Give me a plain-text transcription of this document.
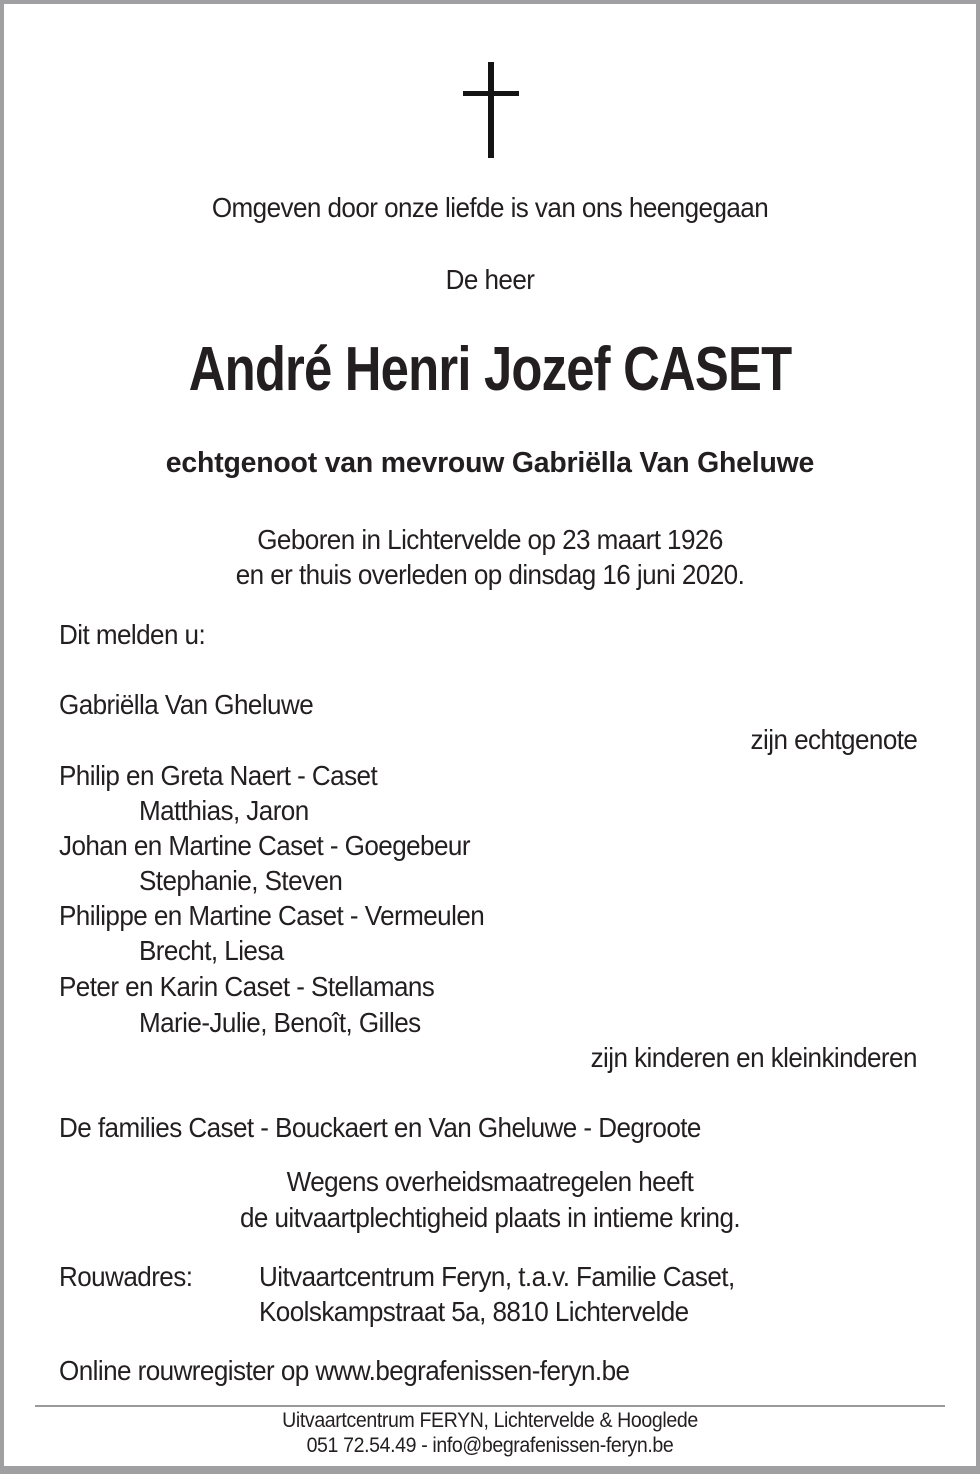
Omgeven door onze liefde is van ons heengegaan
De heer
André Henri Jozef CASET
echtgenoot van mevrouw Gabriëlla Van Gheluwe
Geboren in Lichtervelde op 23 maart 1926
en er thuis overleden op dinsdag 16 juni 2020.
Dit melden u:
Gabriëlla Van Gheluwe
zijn echtgenote
Philip en Greta Naert - Caset
Matthias, Jaron
Johan en Martine Caset - Goegebeur
Stephanie, Steven
Philippe en Martine Caset - Vermeulen
Brecht, Liesa
Peter en Karin Caset - Stellamans
Marie-Julie, Benoît, Gilles
zijn kinderen en kleinkinderen
De families Caset - Bouckaert en Van Gheluwe - Degroote
Wegens overheidsmaatregelen heeft
de uitvaartplechtigheid plaats in intieme kring.
Rouwadres: Uitvaartcentrum Feryn, t.a.v. Familie Caset,
Koolskampstraat 5a, 8810 Lichtervelde
Online rouwregister op www.begrafenissen-feryn.be
Uitvaartcentrum FERYN, Lichtervelde & Hooglede
051 72.54.49 - info@begrafenissen-feryn.be
